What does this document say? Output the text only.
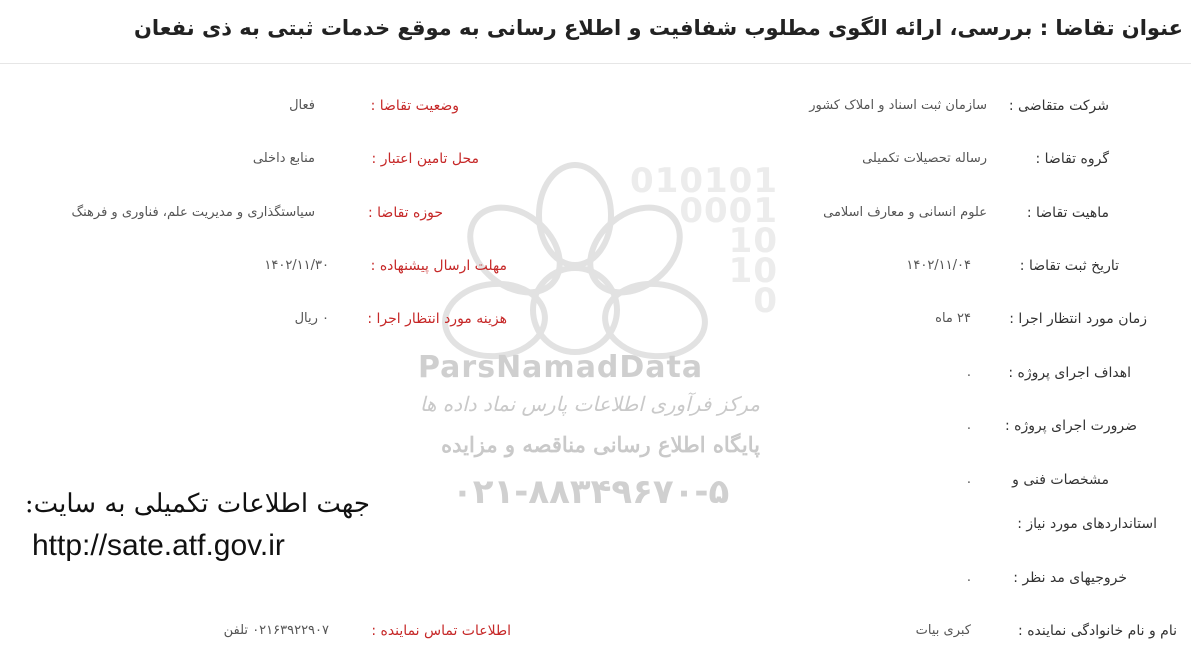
عنوان تقاضا : بررسی، ارائه الگوی مطلوب شفافیت و اطلاع رسانی به موقع خدمات ثبتی به ذی نفعان
010101
0001
10
10
0
ParsNamadData
مرکز فرآوری اطلاعات پارس نماد داده ها
پایگاه اطلاع رسانی مناقصه و مزایده
۰۲۱-۸۸۳۴۹۶۷۰-۵
شرکت متقاضی :
سازمان ثبت اسناد و املاک کشور
وضعیت تقاضا :
فعال
گروه تقاضا :
رساله تحصیلات تکمیلی
محل تامین اعتبار :
منابع داخلی
ماهیت تقاضا :
علوم انسانی و معارف اسلامی
حوزه تقاضا :
سیاستگذاری و مدیریت علم، فناوری و فرهنگ
تاریخ ثبت تقاضا :
۱۴۰۲/۱۱/۰۴
مهلت ارسال پیشنهاده :
۱۴۰۲/۱۱/۳۰
زمان مورد انتظار اجرا :
۲۴ ماه
هزینه مورد انتظار اجرا :
۰ ریال
اهداف اجرای پروژه :
.
ضرورت اجرای پروژه :
.
مشخصات فنی و
.
استانداردهای مورد نیاز :
خروجیهای مد نظر :
.
نام و نام خانوادگی نماینده :
کبری بیات
اطلاعات تماس نماینده :
۰۲۱۶۳۹۲۲۹۰۷ تلفن
جهت اطلاعات تکمیلی به سایت:
http://sate.atf.gov.ir
